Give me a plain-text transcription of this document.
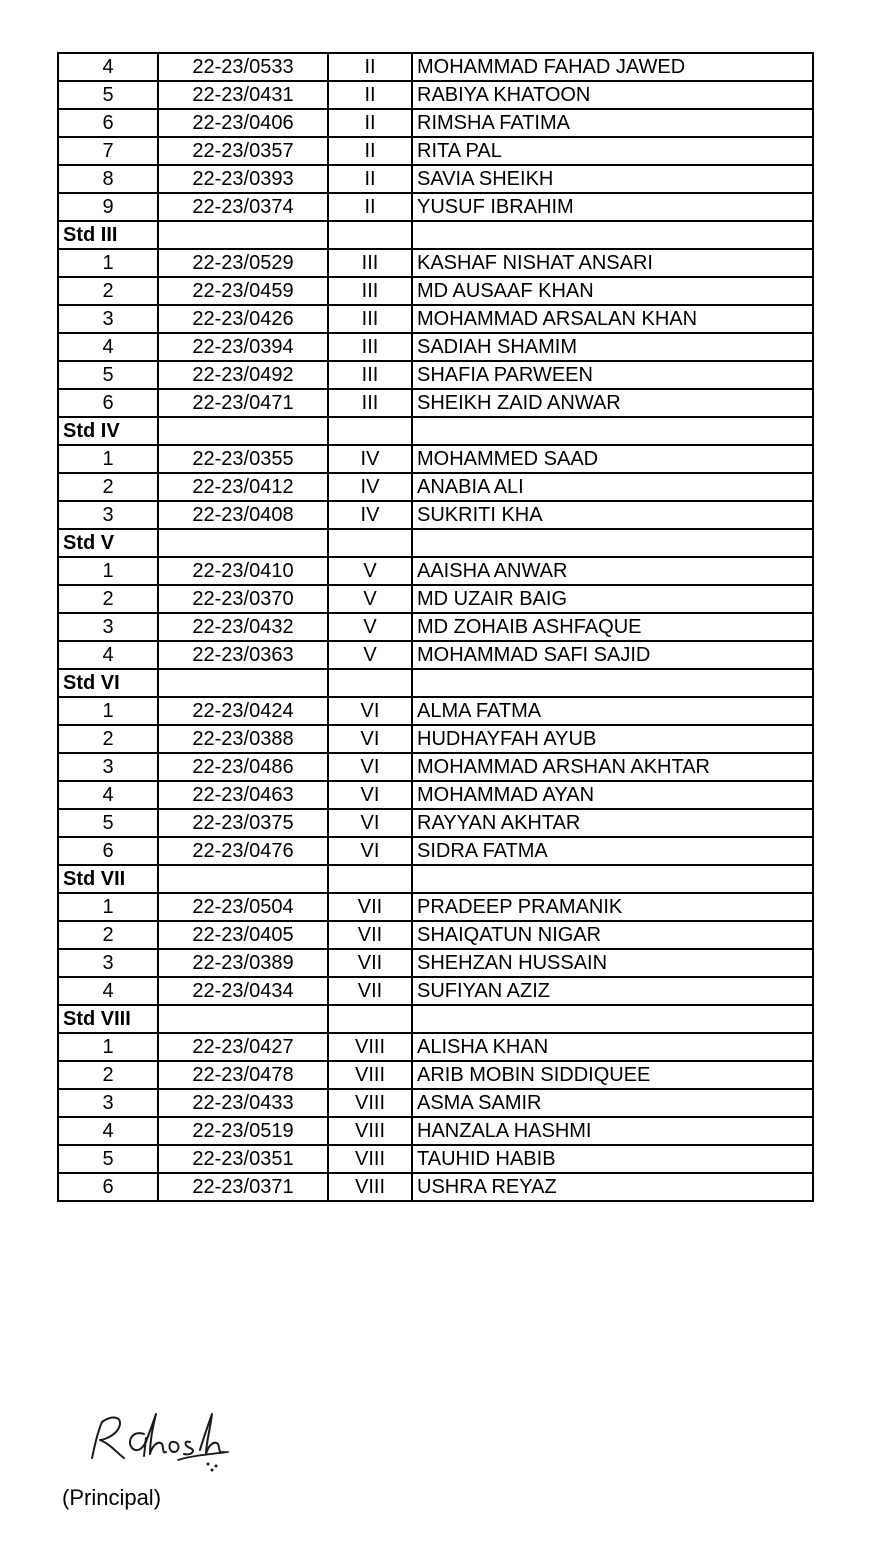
4	22-23/0533	II	MOHAMMAD FAHAD JAWED
5	22-23/0431	II	RABIYA KHATOON
6	22-23/0406	II	RIMSHA FATIMA
7	22-23/0357	II	RITA PAL
8	22-23/0393	II	SAVIA SHEIKH
9	22-23/0374	II	YUSUF IBRAHIM
Std III			
1	22-23/0529	III	KASHAF NISHAT ANSARI
2	22-23/0459	III	MD AUSAAF KHAN
3	22-23/0426	III	MOHAMMAD ARSALAN KHAN
4	22-23/0394	III	SADIAH SHAMIM
5	22-23/0492	III	SHAFIA PARWEEN
6	22-23/0471	III	SHEIKH ZAID ANWAR
Std IV			
1	22-23/0355	IV	MOHAMMED SAAD
2	22-23/0412	IV	ANABIA ALI
3	22-23/0408	IV	SUKRITI KHA
Std V			
1	22-23/0410	V	AAISHA ANWAR
2	22-23/0370	V	MD UZAIR BAIG
3	22-23/0432	V	MD ZOHAIB ASHFAQUE
4	22-23/0363	V	MOHAMMAD SAFI SAJID
Std VI			
1	22-23/0424	VI	ALMA FATMA
2	22-23/0388	VI	HUDHAYFAH AYUB
3	22-23/0486	VI	MOHAMMAD ARSHAN AKHTAR
4	22-23/0463	VI	MOHAMMAD AYAN
5	22-23/0375	VI	RAYYAN AKHTAR
6	22-23/0476	VI	SIDRA FATMA
Std VII			
1	22-23/0504	VII	PRADEEP PRAMANIK
2	22-23/0405	VII	SHAIQATUN NIGAR
3	22-23/0389	VII	SHEHZAN HUSSAIN
4	22-23/0434	VII	SUFIYAN AZIZ
Std VIII			
1	22-23/0427	VIII	ALISHA KHAN
2	22-23/0478	VIII	ARIB MOBIN SIDDIQUEE
3	22-23/0433	VIII	ASMA SAMIR
4	22-23/0519	VIII	HANZALA HASHMI
5	22-23/0351	VIII	TAUHID HABIB
6	22-23/0371	VIII	USHRA REYAZ
(Principal)
